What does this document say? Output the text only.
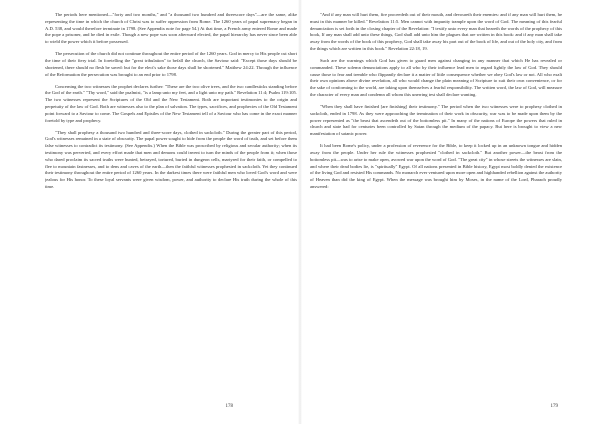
The periods here mentioned—"forty and two months," and "a thousand two hundred and threescore days"—are the same, alike representing the time in which the church of Christ was to suffer oppression from Rome. The 1260 years of papal supremacy began in A.D. 538, and would therefore terminate in 1798. (See Appendix note for page 54.) At that time, a French army entered Rome and made the pope a prisoner, and he died in exile. Though a new pope was soon afterward elected, the papal hierarchy has never since been able to wield the power which it before possessed.

The persecution of the church did not continue throughout the entire period of the 1260 years. God in mercy to His people cut short the time of their fiery trial. In foretelling the "great tribulation" to befall the church, the Saviour said: "Except those days should be shortened, there should no flesh be saved: but for the elect's sake those days shall be shortened." Matthew 24:22. Through the influence of the Reformation the persecution was brought to an end prior to 1798.

Concerning the two witnesses the prophet declares further: "These are the two olive trees, and the two candlesticks standing before the God of the earth." "Thy word," said the psalmist, "is a lamp unto my feet, and a light unto my path." Revelation 11:4; Psalm 119:105. The two witnesses represent the Scriptures of the Old and the New Testament. Both are important testimonies to the origin and perpetuity of the law of God. Both are witnesses also to the plan of salvation. The types, sacrifices, and prophecies of the Old Testament point forward to a Saviour to come. The Gospels and Epistles of the New Testament tell of a Saviour who has come in the exact manner foretold by type and prophecy.

"They shall prophesy a thousand two hundred and three-score days, clothed in sackcloth." During the greater part of this period, God's witnesses remained in a state of obscurity. The papal power sought to hide from the people the word of truth, and set before them false witnesses to contradict its testimony. (See Appendix.) When the Bible was proscribed by religious and secular authority; when its testimony was perverted, and every effort made that men and demons could invent to turn the minds of the people from it; when those who dared proclaim its sacred truths were hunted, betrayed, tortured, buried in dungeon cells, martyred for their faith, or compelled to flee to mountain fastnesses, and to dens and caves of the earth—then the faithful witnesses prophesied in sackcloth. Yet they continued their testimony throughout the entire period of 1260 years. In the darkest times there were faithful men who loved God's word and were jealous for His honor. To these loyal servants were given wisdom, power, and authority to declare His truth during the whole of this time.

178

"And if any man will hurt them, fire proceedeth out of their mouth, and devoureth their enemies: and if any man will hurt them, he must in this manner be killed." Revelation 11:5. Men cannot with impunity trample upon the word of God. The meaning of this fearful denunciation is set forth in the closing chapter of the Revelation: "I testify unto every man that heareth the words of the prophecy of this book, If any man shall add unto these things, God shall add unto him the plagues that are written in this book: and if any man shall take away from the words of the book of this prophecy, God shall take away his part out of the book of life, and out of the holy city, and from the things which are written in this book." Revelation 22:18, 19.

Such are the warnings which God has given to guard men against changing in any manner that which He has revealed or commanded. These solemn denunciations apply to all who by their influence lead men to regard lightly the law of God. They should cause those to fear and tremble who flippantly declare it a matter of little consequence whether we obey God's law or not. All who exalt their own opinions above divine revelation, all who would change the plain meaning of Scripture to suit their own convenience, or for the sake of conforming to the world, are taking upon themselves a fearful responsibility. The written word, the law of God, will measure the character of every man and condemn all whom this unerring test shall declare wanting.

"When they shall have finished [are finishing] their testimony." The period when the two witnesses were to prophesy clothed in sackcloth, ended in 1798. As they were approaching the termination of their work in obscurity, war was to be made upon them by the power represented as "the beast that ascendeth out of the bottomless pit." In many of the nations of Europe the powers that ruled in church and state had for centuries been controlled by Satan through the medium of the papacy. But here is brought to view a new manifestation of satanic power.

It had been Rome's policy, under a profession of reverence for the Bible, to keep it locked up in an unknown tongue and hidden away from the people. Under her rule the witnesses prophesied "clothed in sackcloth." But another power—the beast from the bottomless pit—was to arise to make open, avowed war upon the word of God. "The great city" in whose streets the witnesses are slain, and where their dead bodies lie, is "spiritually" Egypt. Of all nations presented in Bible history, Egypt most boldly denied the existence of the living God and resisted His commands. No monarch ever ventured upon more open and highhanded rebellion against the authority of Heaven than did the king of Egypt. When the message was brought him by Moses, in the name of the Lord, Pharaoh proudly answered:

179
